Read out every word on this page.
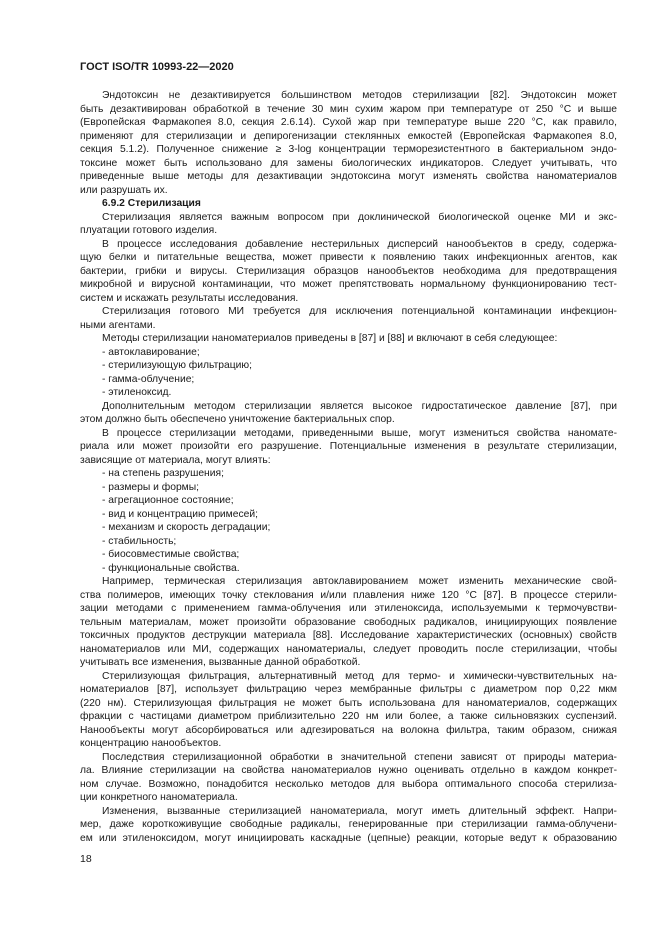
ГОСТ ISO/TR 10993-22—2020
Эндотоксин не дезактивируется большинством методов стерилизации [82]. Эндотоксин может
быть дезактивирован обработкой в течение 30 мин сухим жаром при температуре от 250 °С и выше
(Европейская Фармакопея 8.0, секция 2.6.14). Сухой жар при температуре выше 220 °С, как правило,
применяют для стерилизации и депирогенизации стеклянных емкостей (Европейская Фармакопея 8.0,
секция 5.1.2). Полученное снижение ≥ 3-log концентрации терморезистентного в бактериальном эндо-
токсине может быть использовано для замены биологических индикаторов. Следует учитывать, что
приведенные выше методы для дезактивации эндотоксина могут изменять свойства наноматериалов
или разрушать их.
6.9.2 Стерилизация
Стерилизация является важным вопросом при доклинической биологической оценке МИ и экс-
плуатации готового изделия.
В процессе исследования добавление нестерильных дисперсий нанообъектов в среду, содержа-
щую белки и питательные вещества, может привести к появлению таких инфекционных агентов, как
бактерии, грибки и вирусы. Стерилизация образцов нанообъектов необходима для предотвращения
микробной и вирусной контаминации, что может препятствовать нормальному функционированию тест-
систем и искажать результаты исследования.
Стерилизация готового МИ требуется для исключения потенциальной контаминации инфекцион-
ными агентами.
Методы стерилизации наноматериалов приведены в [87] и [88] и включают в себя следующее:
- автоклавирование;
- стерилизующую фильтрацию;
- гамма-облучение;
- этиленоксид.
Дополнительным методом стерилизации является высокое гидростатическое давление [87], при
этом должно быть обеспечено уничтожение бактериальных спор.
В процессе стерилизации методами, приведенными выше, могут измениться свойства наномате-
риала или может произойти его разрушение. Потенциальные изменения в результате стерилизации,
зависящие от материала, могут влиять:
- на степень разрушения;
- размеры и формы;
- агрегационное состояние;
- вид и концентрацию примесей;
- механизм и скорость деградации;
- стабильность;
- биосовместимые свойства;
- функциональные свойства.
Например, термическая стерилизация автоклавированием может изменить механические свой-
ства полимеров, имеющих точку стеклования и/или плавления ниже 120 °С [87]. В процессе стерили-
зации методами с применением гамма-облучения или этиленоксида, используемыми к термочувстви-
тельным материалам, может произойти образование свободных радикалов, инициирующих появление
токсичных продуктов деструкции материала [88]. Исследование характеристических (основных) свойств
наноматериалов или МИ, содержащих наноматериалы, следует проводить после стерилизации, чтобы
учитывать все изменения, вызванные данной обработкой.
Стерилизующая фильтрация, альтернативный метод для термо- и химически-чувствительных на-
номатериалов [87], использует фильтрацию через мембранные фильтры с диаметром пор 0,22 мкм
(220 нм). Стерилизующая фильтрация не может быть использована для наноматериалов, содержащих
фракции с частицами диаметром приблизительно 220 нм или более, а также сильновязких суспензий.
Нанообъекты могут абсорбироваться или адгезироваться на волокна фильтра, таким образом, снижая
концентрацию нанообъектов.
Последствия стерилизационной обработки в значительной степени зависят от природы материа-
ла. Влияние стерилизации на свойства наноматериалов нужно оценивать отдельно в каждом конкрет-
ном случае. Возможно, понадобится несколько методов для выбора оптимального способа стерилиза-
ции конкретного наноматериала.
Изменения, вызванные стерилизацией наноматериала, могут иметь длительный эффект. Напри-
мер, даже короткоживущие свободные радикалы, генерированные при стерилизации гамма-облучени-
ем или этиленоксидом, могут инициировать каскадные (цепные) реакции, которые ведут к образованию
18
